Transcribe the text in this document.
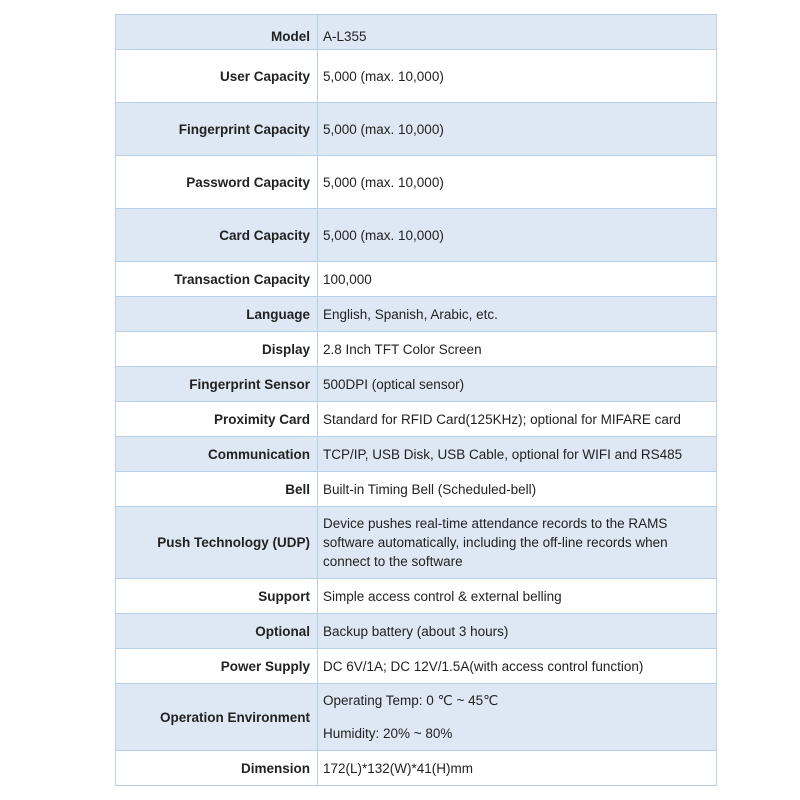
Model	A-L355
User Capacity	5,000 (max. 10,000)
Fingerprint Capacity	5,000 (max. 10,000)
Password Capacity	5,000 (max. 10,000)
Card Capacity	5,000 (max. 10,000)
Transaction Capacity	100,000
Language	English, Spanish, Arabic, etc.
Display	2.8 Inch TFT Color Screen
Fingerprint Sensor	500DPI (optical sensor)
Proximity Card	Standard for RFID Card(125KHz); optional for MIFARE card
Communication	TCP/IP, USB Disk, USB Cable, optional for WIFI and RS485
Bell	Built-in Timing Bell (Scheduled-bell)
Push Technology (UDP)	Device pushes real-time attendance records to the RAMS software automatically, including the off-line records when connect to the software
Support	Simple access control & external belling
Optional	Backup battery (about 3 hours)
Power Supply	DC 6V/1A; DC 12V/1.5A(with access control function)
Operation Environment	Operating Temp: 0 ℃ ~ 45℃
Humidity: 20% ~ 80%

Dimension	172(L)*132(W)*41(H)mm
